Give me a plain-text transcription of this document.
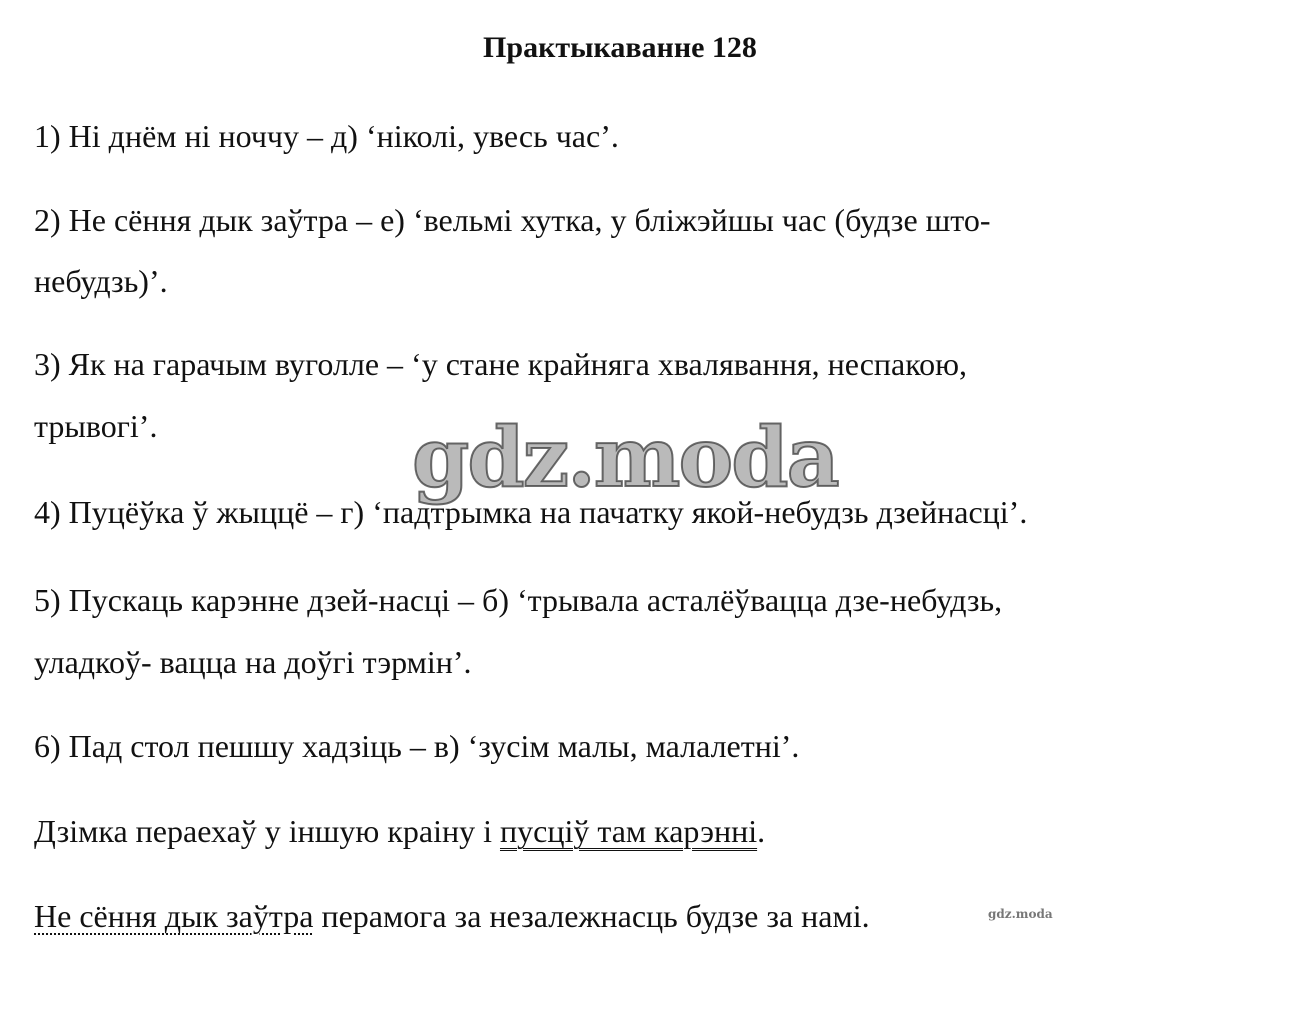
Практыкаванне 128
1) Ні днём ні ноччу – д) ‘ніколі, увесь час’.
2) Не сёння дык заўтра – е) ‘вельмі хутка, у бліжэйшы час (будзе што-
небудзь)’.
3) Як на гарачым вуголле – ‘у стане крайняга хвалявання, неспакою,
трывогі’.
4) Пуцёўка ў жыццё – г) ‘падтрымка на пачатку якой-небудзь дзейнасці’.
5) Пускаць карэнне дзей-насці – б) ‘трывала асталёўвацца дзе-небудзь,
уладкоў- вацца на доўгі тэрмін’.
6) Пад стол пешшу хадзіць – в) ‘зусім малы, малалетні’.
Дзімка пераехаў у іншую краіну і пусціў там карэнні.
Не сёння дык заўтра перамога за незалежнасць будзе за намі.
gdz.moda
gdz.moda
